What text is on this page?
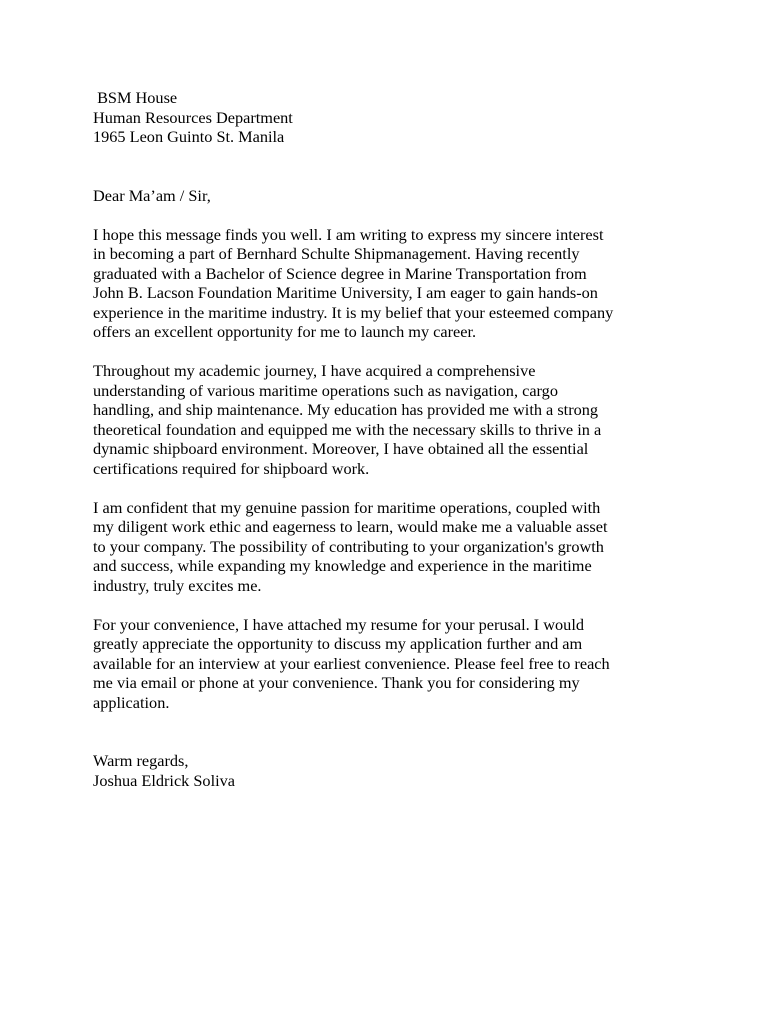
BSM House
Human Resources Department
1965 Leon Guinto St. Manila
Dear Ma’am / Sir,
I hope this message finds you well. I am writing to express my sincere interest
in becoming a part of Bernhard Schulte Shipmanagement. Having recently
graduated with a Bachelor of Science degree in Marine Transportation from
John B. Lacson Foundation Maritime University, I am eager to gain hands-on
experience in the maritime industry. It is my belief that your esteemed company
offers an excellent opportunity for me to launch my career.
Throughout my academic journey, I have acquired a comprehensive
understanding of various maritime operations such as navigation, cargo
handling, and ship maintenance. My education has provided me with a strong
theoretical foundation and equipped me with the necessary skills to thrive in a
dynamic shipboard environment. Moreover, I have obtained all the essential
certifications required for shipboard work.
I am confident that my genuine passion for maritime operations, coupled with
my diligent work ethic and eagerness to learn, would make me a valuable asset
to your company. The possibility of contributing to your organization's growth
and success, while expanding my knowledge and experience in the maritime
industry, truly excites me.
For your convenience, I have attached my resume for your perusal. I would
greatly appreciate the opportunity to discuss my application further and am
available for an interview at your earliest convenience. Please feel free to reach
me via email or phone at your convenience. Thank you for considering my
application.
Warm regards,
Joshua Eldrick Soliva
